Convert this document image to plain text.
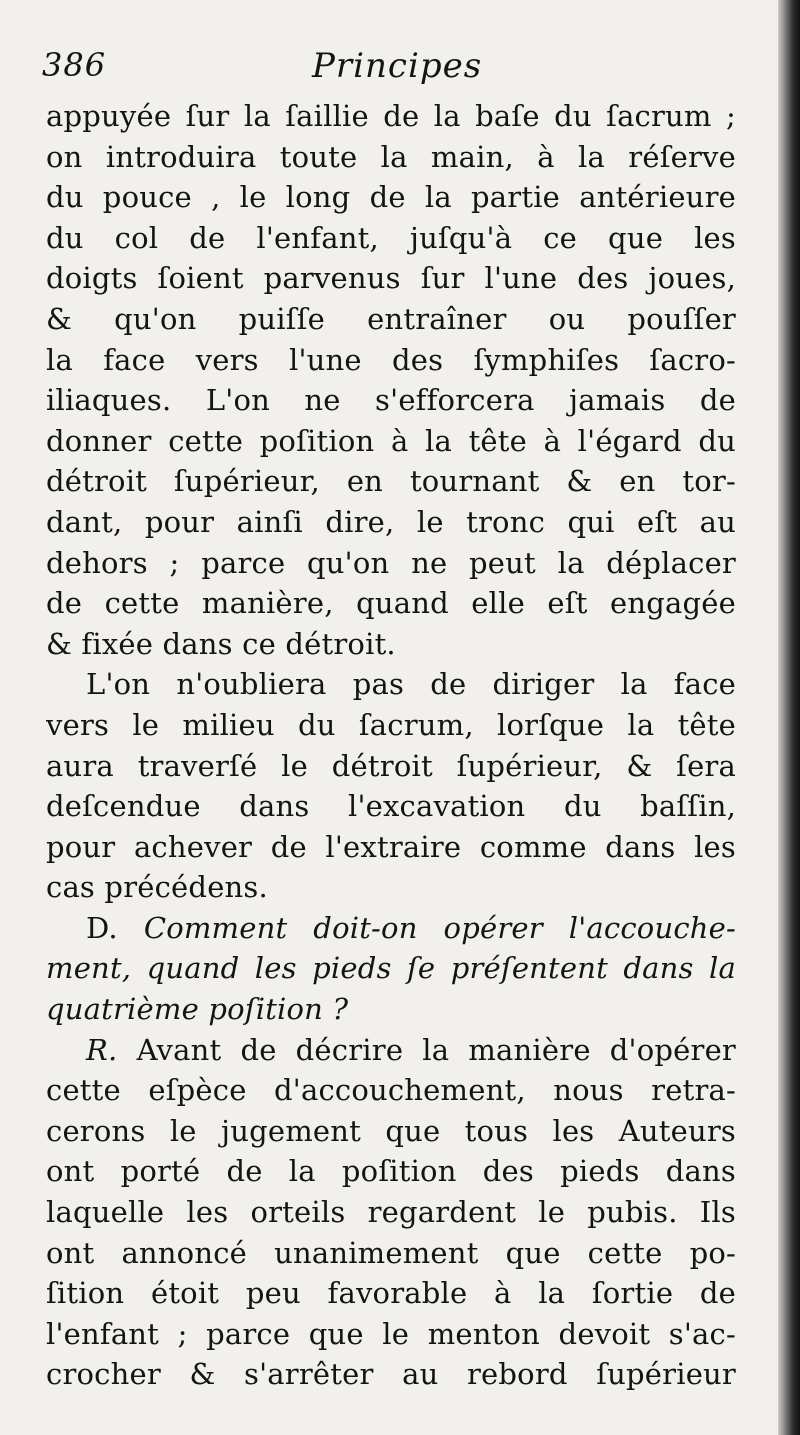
386	Principes
appuyée ſur la ſaillie de la baſe du ſacrum ;
on introduira toute la main, à la réſerve
du pouce , le long de la partie antérieure
du col de l'enfant, juſqu'à ce que les
doigts ſoient parvenus ſur l'une des joues,
& qu'on puiſſe entraîner ou pouſſer
la face vers l'une des ſymphiſes ſacro-
iliaques. L'on ne s'efforcera jamais de
donner cette poſition à la tête à l'égard du
détroit ſupérieur, en tournant & en tor-
dant, pour ainſi dire, le tronc qui eſt au
dehors ; parce qu'on ne peut la déplacer
de cette manière, quand elle eſt engagée
& fixée dans ce détroit.
L'on n'oubliera pas de diriger la face
vers le milieu du ſacrum, lorſque la tête
aura traverſé le détroit ſupérieur, & ſera
deſcendue dans l'excavation du baſſin,
pour achever de l'extraire comme dans les
cas précédens.
D. Comment doit-on opérer l'accouche-
ment, quand les pieds ſe préſentent dans la
quatrième poſition ?
R. Avant de décrire la manière d'opérer
cette eſpèce d'accouchement, nous retra-
cerons le jugement que tous les Auteurs
ont porté de la poſition des pieds dans
laquelle les orteils regardent le pubis. Ils
ont annoncé unanimement que cette po-
ſition étoit peu favorable à la ſortie de
l'enfant ; parce que le menton devoit s'ac-
crocher & s'arrêter au rebord ſupérieur
